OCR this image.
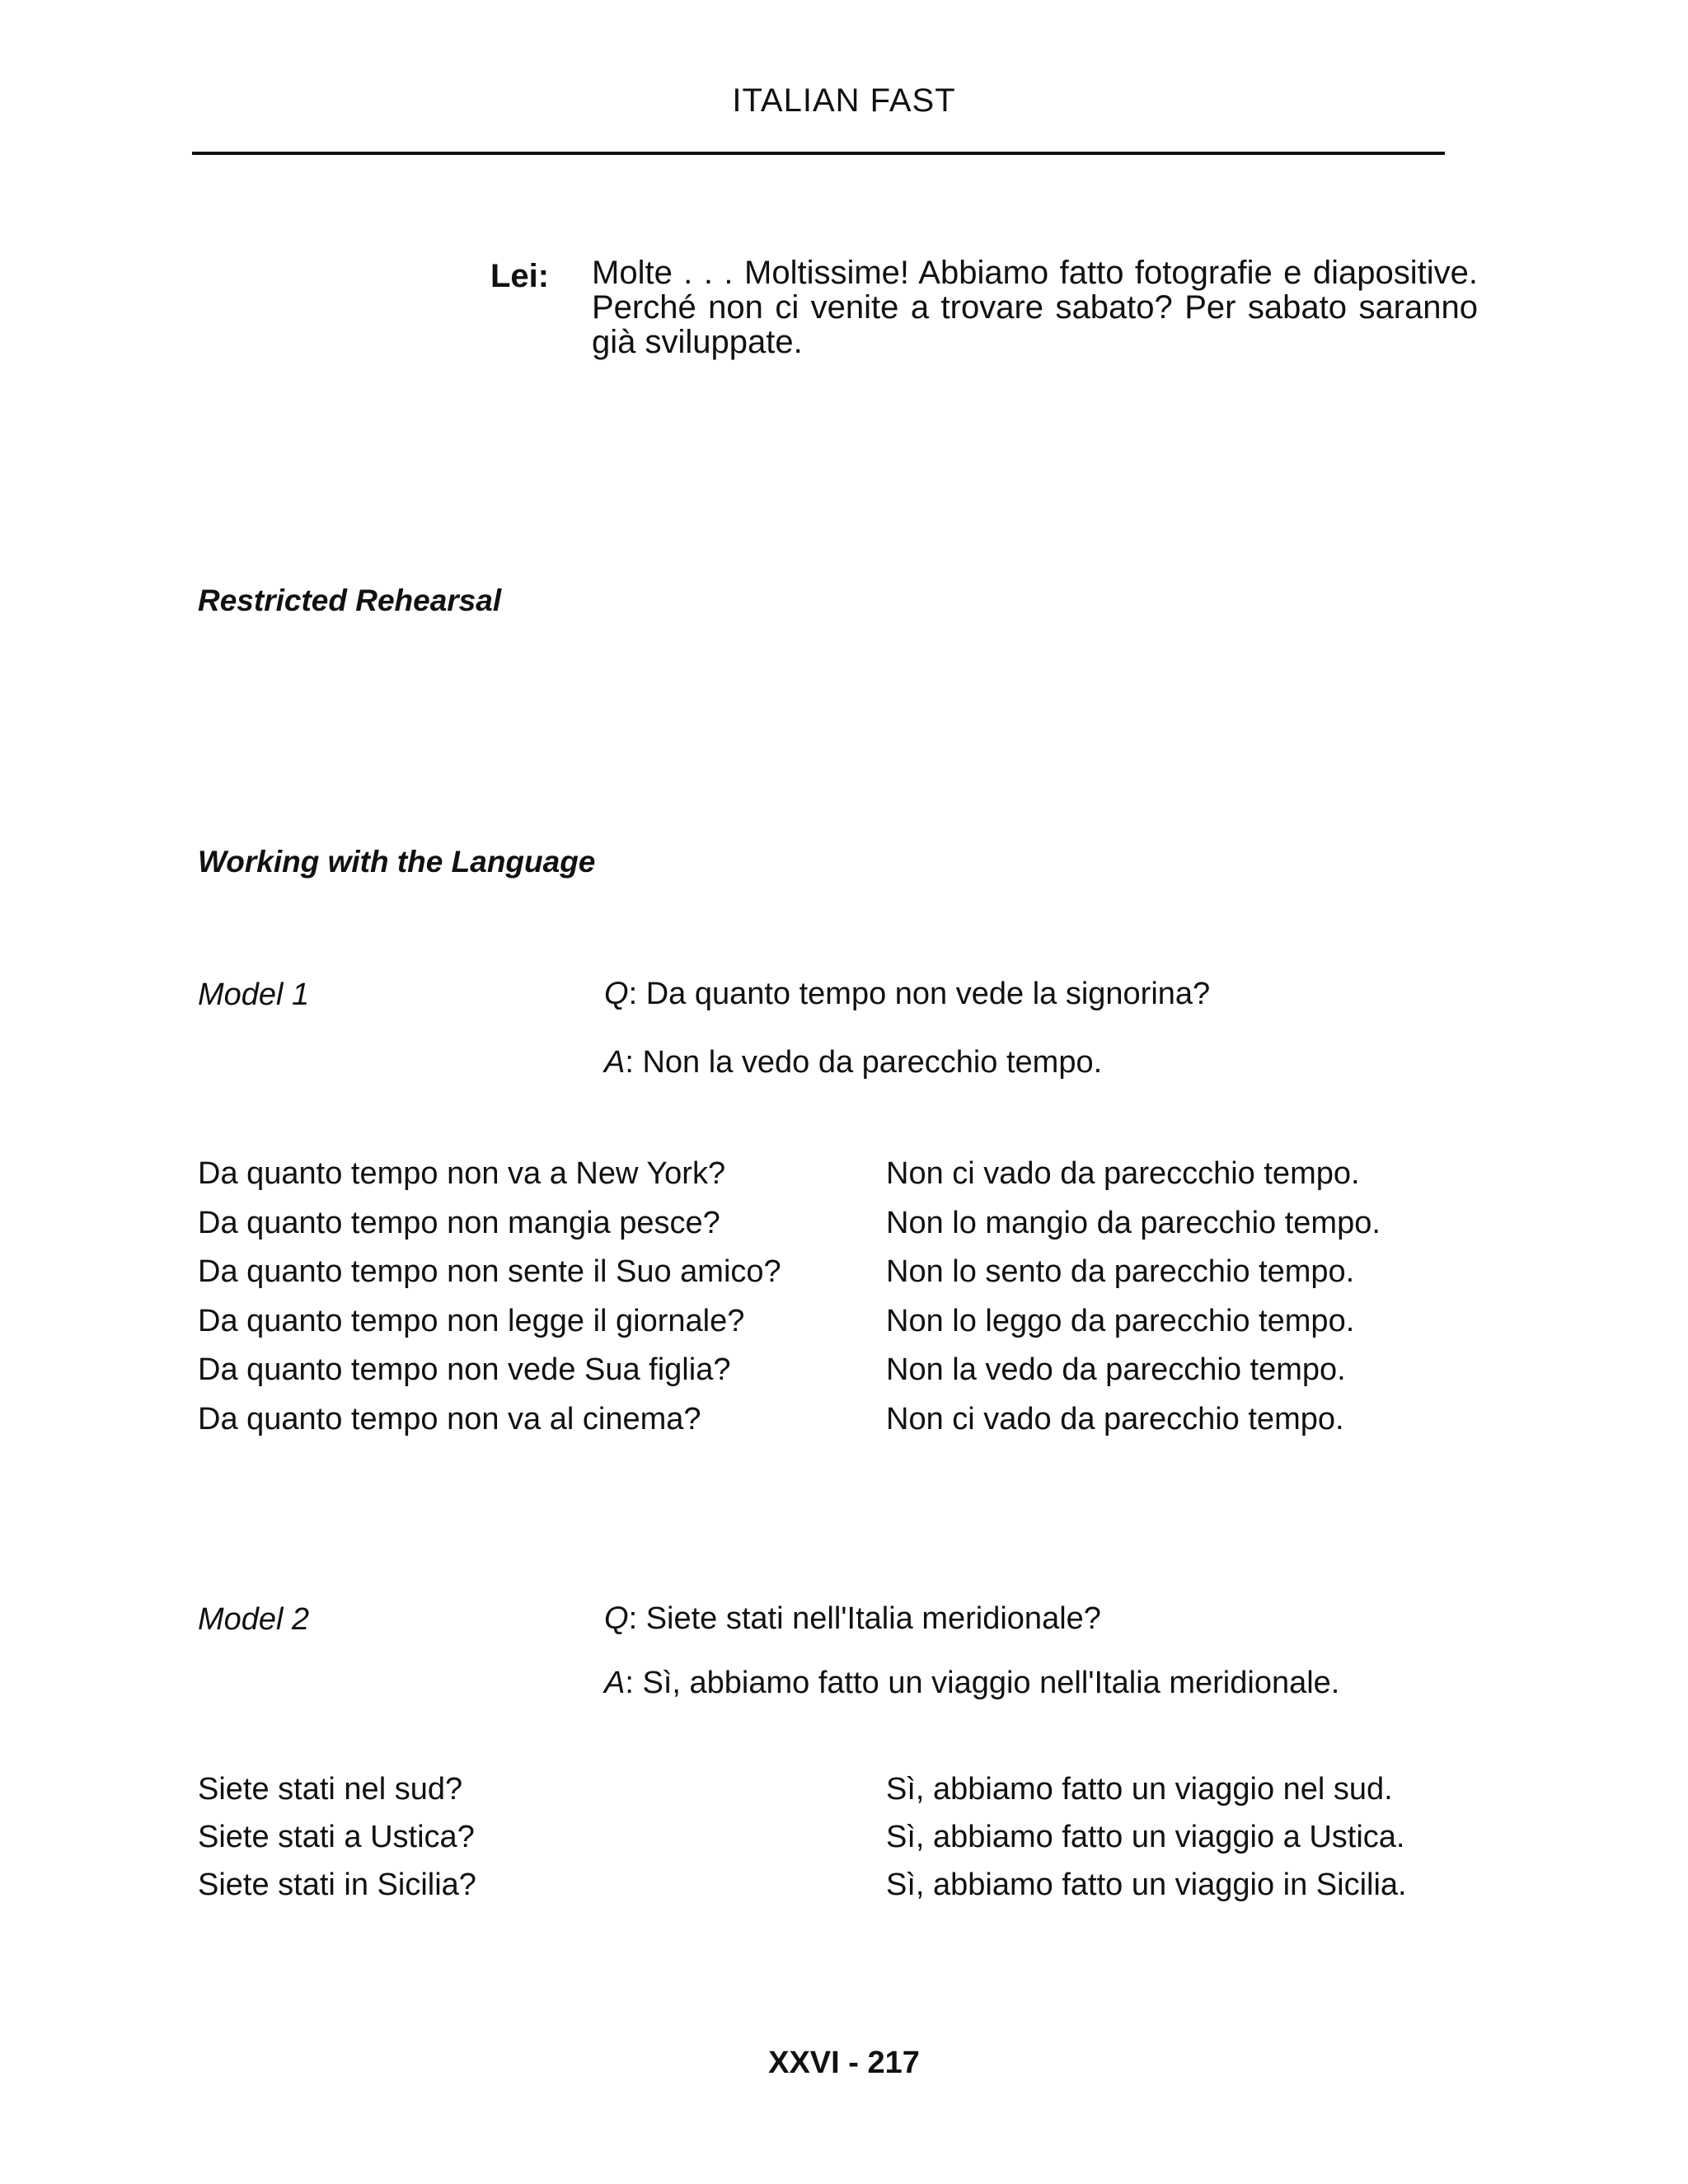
ITALIAN FAST
Lei: Molte . . . Moltissime! Abbiamo fatto fotografie e diapositive. Perché non ci venite a trovare sabato? Per sabato saranno già sviluppate.
Restricted Rehearsal
Working with the Language
Model 1	Q: Da quanto tempo non vede la signorina?
A: Non la vedo da parecchio tempo.
Da quanto tempo non va a New York?	Non ci vado da pareccchio tempo.
Da quanto tempo non mangia pesce?	Non lo mangio da parecchio tempo.
Da quanto tempo non sente il Suo amico?	Non lo sento da parecchio tempo.
Da quanto tempo non legge il giornale?	Non lo leggo da parecchio tempo.
Da quanto tempo non vede Sua figlia?	Non la vedo da parecchio tempo.
Da quanto tempo non va al cinema?	Non ci vado da parecchio tempo.
Model 2	Q: Siete stati nell'Italia meridionale?
A: Sì, abbiamo fatto un viaggio nell'Italia meridionale.
Siete stati nel sud?	Sì, abbiamo fatto un viaggio nel sud.
Siete stati a Ustica?	Sì, abbiamo fatto un viaggio a Ustica.
Siete stati in Sicilia?	Sì, abbiamo fatto un viaggio in Sicilia.
XXVI - 217
